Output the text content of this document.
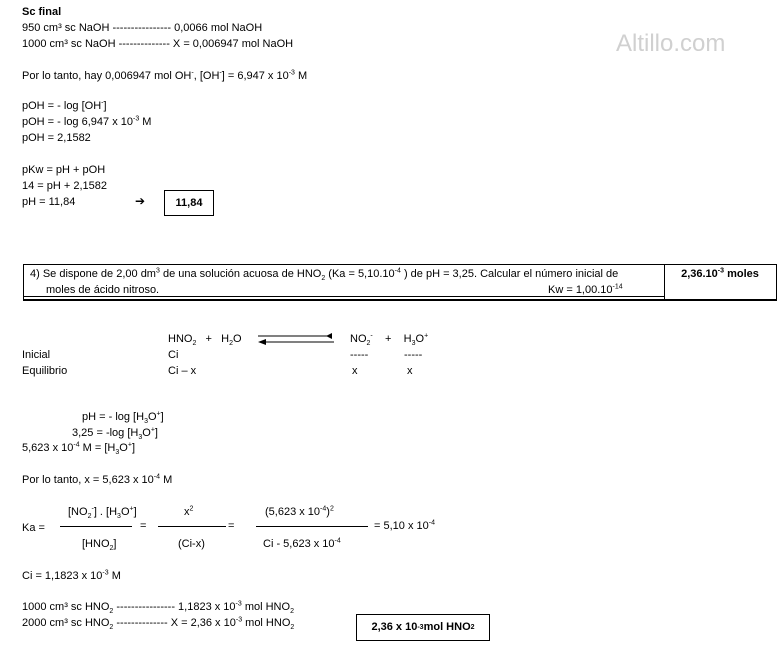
Altillo.com
Sc final
950 cm³ sc NaOH ---------------- 0,0066 mol NaOH
1000 cm³ sc NaOH -------------- X = 0,006947 mol NaOH
Por lo tanto, hay 0,006947 mol OH-, [OH-] = 6,947 x $10^{-3}$ M
pOH = - log [OH-]
pOH = - log 6,947 x $10^{-3}$ M
pOH = 2,1582
pKw = pH + pOH
14 = pH + 2,1582
pH = 11,84	➔	11,84
4) Se dispone de 2,00 $dm^3$ de una solución acuosa de $HNO_2$ ($Ka = 5,10.10^{-4}$ ) de pH = 3,25. Calcular el número inicial de
moles de ácido nitroso.	$Kw = 1,00.10^{-14}$
$2,36.10^{-3}$ moles
$HNO_2 + H_2O$	$NO_2^- + H_3O^+$
Inicial	Ci	-----	-----
Equilibrio	Ci – x	x	x
pH = - $\log [H_3O^+]$
3,25 = -log $[H_3O^+]$
5,623 x $10^{-4}$ $M = [H_3O^+]$
Por lo tanto, x = 5,623 x $10^{-4}$ M
Ka =
$[NO_2^-]$ . $[H_3O^+]$
$[HNO_2]$
=
$x^2$
(Ci-x)
=
(5,623 x $10^{-4})^2$
Ci - 5,623 x $10^{-4}$
= 5,10 x $10^{-4}$
Ci = 1,1823 x $10^{-3}$ M
1000 cm³ sc $HNO_2$ ---------------- 1,1823 x $10^{-3}$ mol $HNO_2$
2000 cm³ sc $HNO_2$ -------------- X = 2,36 x $10^{-3}$ mol $HNO_2$	2,36 x 10 -3 mol HNO 2
